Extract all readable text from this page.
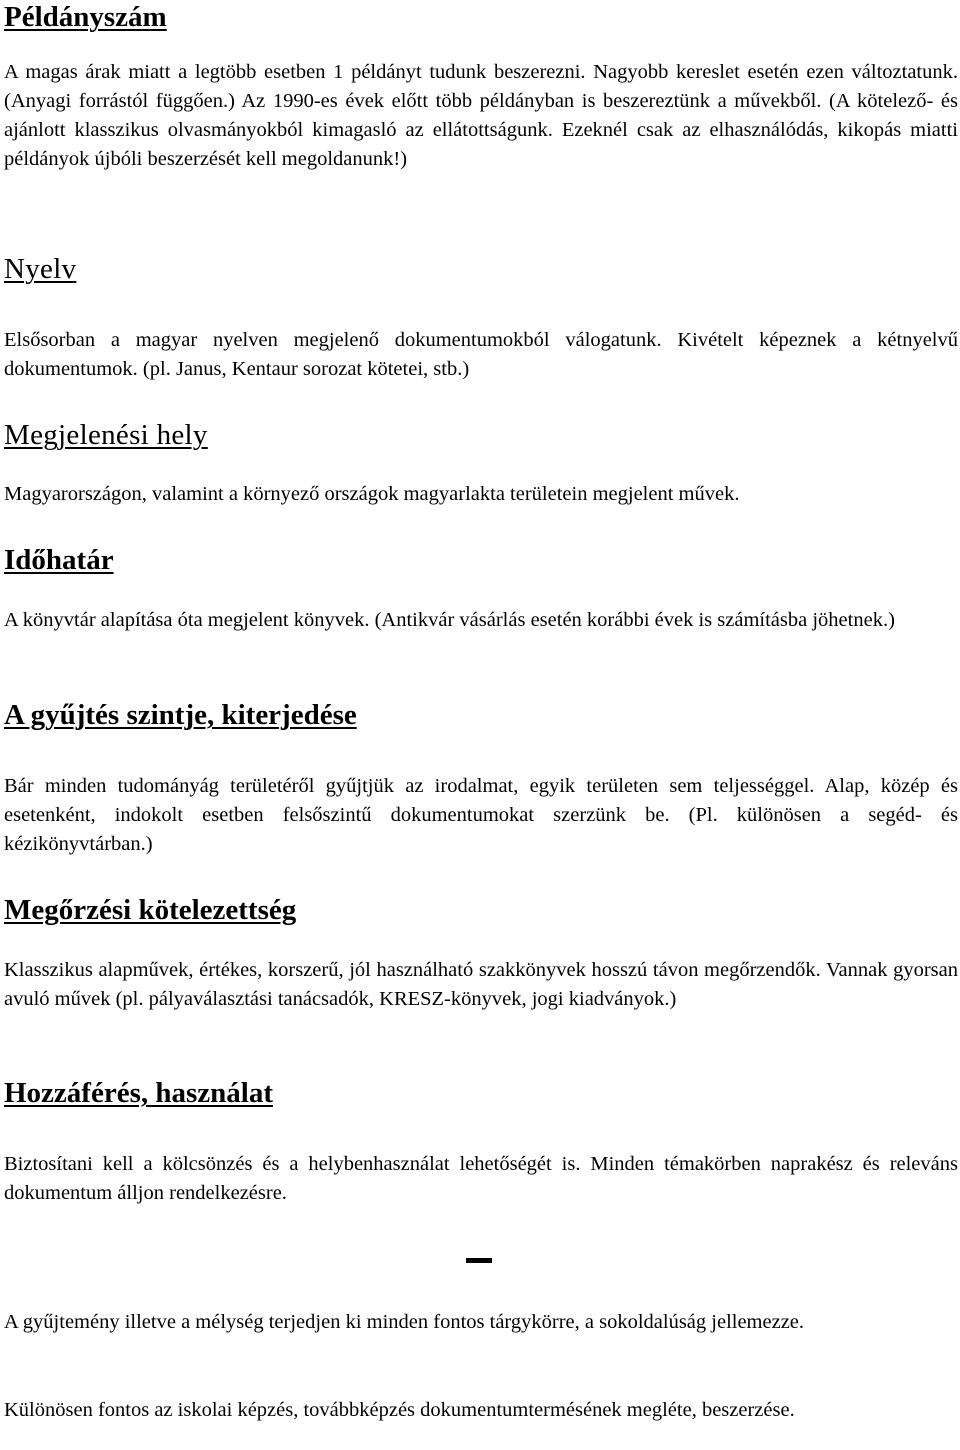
Példányszám

A magas árak miatt a legtöbb esetben 1 példányt tudunk beszerezni. Nagyobb kereslet esetén ezen változtatunk. (Anyagi forrástól függően.) Az 1990-es évek előtt több példányban is beszereztünk a művekből. (A kötelező- és ajánlott klasszikus olvasmányokból kimagasló az ellátottságunk. Ezeknél csak az elhasználódás, kikopás miatti példányok újbóli beszerzését kell megoldanunk!)

Nyelv

Elsősorban a magyar nyelven megjelenő dokumentumokból válogatunk. Kivételt képeznek a kétnyelvű dokumentumok. (pl. Janus, Kentaur sorozat kötetei, stb.)

Megjelenési hely

Magyarországon, valamint a környező országok magyarlakta területein megjelent művek.

Időhatár

A könyvtár alapítása óta megjelent könyvek. (Antikvár vásárlás esetén korábbi évek is számításba jöhetnek.)

A gyűjtés szintje, kiterjedése

Bár minden tudományág területéről gyűjtjük az irodalmat, egyik területen sem teljességgel. Alap, közép és esetenként, indokolt esetben felsőszintű dokumentumokat szerzünk be. (Pl. különösen a segéd- és kézikönyvtárban.)

Megőrzési kötelezettség

Klasszikus alapművek, értékes, korszerű, jól használható szakkönyvek hosszú távon megőrzendők. Vannak gyorsan avuló művek (pl. pályaválasztási tanácsadók, KRESZ-könyvek, jogi kiadványok.)

Hozzáférés, használat

Biztosítani kell a kölcsönzés és a helybenhasználat lehetőségét is. Minden témakörben naprakész és releváns dokumentum álljon rendelkezésre.

A gyűjtemény illetve a mélység terjedjen ki minden fontos tárgykörre, a sokoldalúság jellemezze.

Különösen fontos az iskolai képzés, továbbképzés dokumentumtermésének megléte, beszerzése.
